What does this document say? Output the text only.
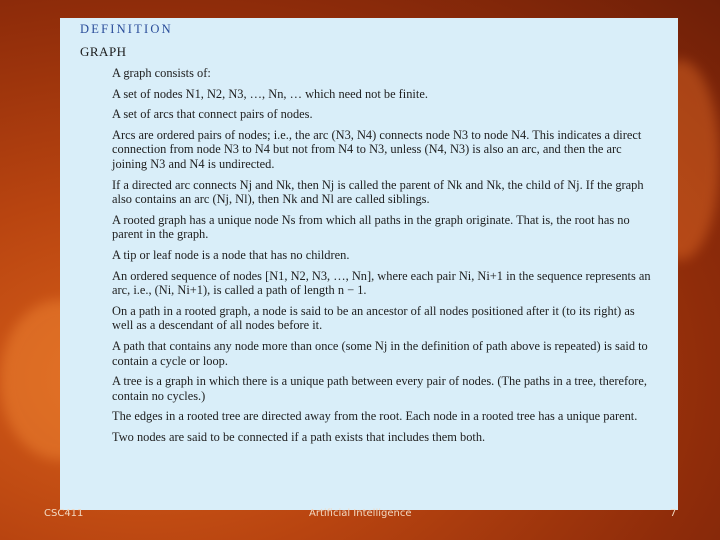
DEFINITION
GRAPH

A graph consists of:

A set of nodes N1, N2, N3, …, Nn, … which need not be finite.

A set of arcs that connect pairs of nodes.

Arcs are ordered pairs of nodes; i.e., the arc (N3, N4) connects node N3 to node N4. This indicates a direct connection from node N3 to N4 but not from N4 to N3, unless (N4, N3) is also an arc, and then the arc joining N3 and N4 is undirected.

If a directed arc connects Nj and Nk, then Nj is called the parent of Nk and Nk, the child of Nj. If the graph also contains an arc (Nj, Nl), then Nk and Nl are called siblings.

A rooted graph has a unique node Ns from which all paths in the graph originate. That is, the root has no parent in the graph.

A tip or leaf node is a node that has no children.

An ordered sequence of nodes [N1, N2, N3, …, Nn], where each pair Ni, Ni+1 in the sequence represents an arc, i.e., (Ni, Ni+1), is called a path of length n − 1.

On a path in a rooted graph, a node is said to be an ancestor of all nodes positioned after it (to its right) as well as a descendant of all nodes before it.

A path that contains any node more than once (some Nj in the definition of path above is repeated) is said to contain a cycle or loop.

A tree is a graph in which there is a unique path between every pair of nodes. (The paths in a tree, therefore, contain no cycles.)

The edges in a rooted tree are directed away from the root. Each node in a rooted tree has a unique parent.

Two nodes are said to be connected if a path exists that includes them both.

CSC411	Artificial Intelligence	7
